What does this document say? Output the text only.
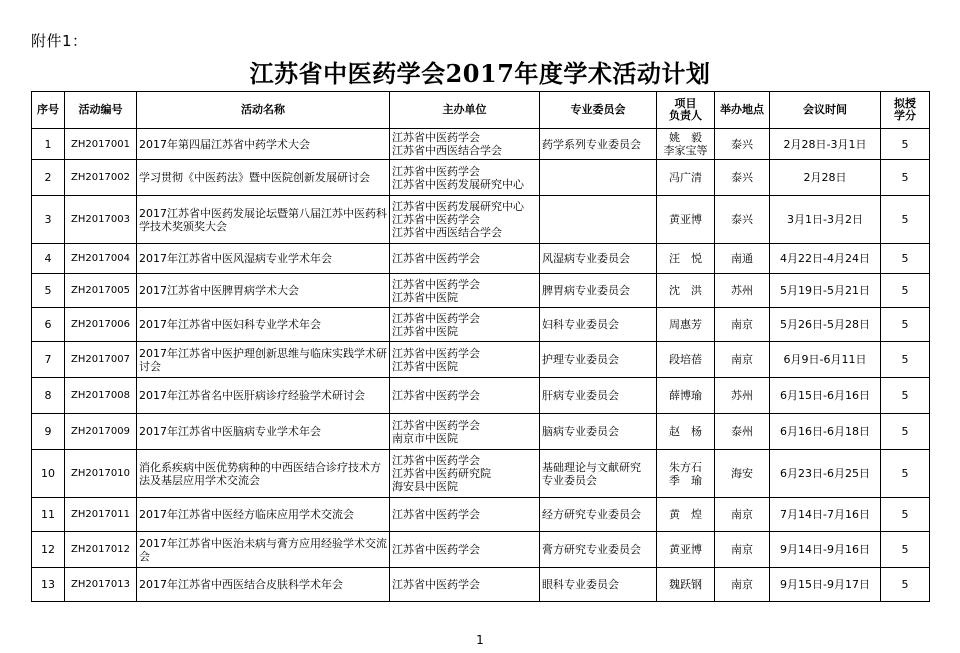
附件1：
江苏省中医药学会2017年度学术活动计划
序号	活动编号	活动名称	主办单位	专业委员会	项目
负责人	举办地点	会议时间	拟授
学分
1	ZH2017001	2017年第四届江苏省中药学术大会	江苏省中医药学会
江苏省中西医结合学会	药学系列专业委员会	姚　毅
李家宝等	泰兴	2月28日-3月1日	5
2	ZH2017002	学习贯彻《中医药法》暨中医院创新发展研讨会	江苏省中医药学会
江苏省中医药发展研究中心		冯广清	泰兴	2月28日	5
3	ZH2017003	2017江苏省中医药发展论坛暨第八届江苏中医药科学技术奖颁奖大会	江苏省中医药发展研究中心
江苏省中医药学会
江苏省中西医结合学会		黄亚博	泰兴	3月1日-3月2日	5
4	ZH2017004	2017年江苏省中医风湿病专业学术年会	江苏省中医药学会	风湿病专业委员会	汪　悦	南通	4月22日-4月24日	5
5	ZH2017005	2017江苏省中医脾胃病学术大会	江苏省中医药学会
江苏省中医院	脾胃病专业委员会	沈　洪	苏州	5月19日-5月21日	5
6	ZH2017006	2017年江苏省中医妇科专业学术年会	江苏省中医药学会
江苏省中医院	妇科专业委员会	周惠芳	南京	5月26日-5月28日	5
7	ZH2017007	2017年江苏省中医护理创新思维与临床实践学术研讨会	江苏省中医药学会
江苏省中医院	护理专业委员会	段培蓓	南京	6月9日-6月11日	5
8	ZH2017008	2017年江苏省名中医肝病诊疗经验学术研讨会	江苏省中医药学会	肝病专业委员会	薛博瑜	苏州	6月15日-6月16日	5
9	ZH2017009	2017年江苏省中医脑病专业学术年会	江苏省中医药学会
南京市中医院	脑病专业委员会	赵　杨	泰州	6月16日-6月18日	5
10	ZH2017010	消化系疾病中医优势病种的中西医结合诊疗技术方法及基层应用学术交流会	江苏省中医药学会
江苏省中医药研究院
海安县中医院	基础理论与文献研究
专业委员会	朱方石
季　瑜	海安	6月23日-6月25日	5
11	ZH2017011	2017年江苏省中医经方临床应用学术交流会	江苏省中医药学会	经方研究专业委员会	黄　煌	南京	7月14日-7月16日	5
12	ZH2017012	2017年江苏省中医治未病与膏方应用经验学术交流会	江苏省中医药学会	膏方研究专业委员会	黄亚博	南京	9月14日-9月16日	5
13	ZH2017013	2017年江苏省中西医结合皮肤科学术年会	江苏省中医药学会	眼科专业委员会	魏跃钢	南京	9月15日-9月17日	5
1
